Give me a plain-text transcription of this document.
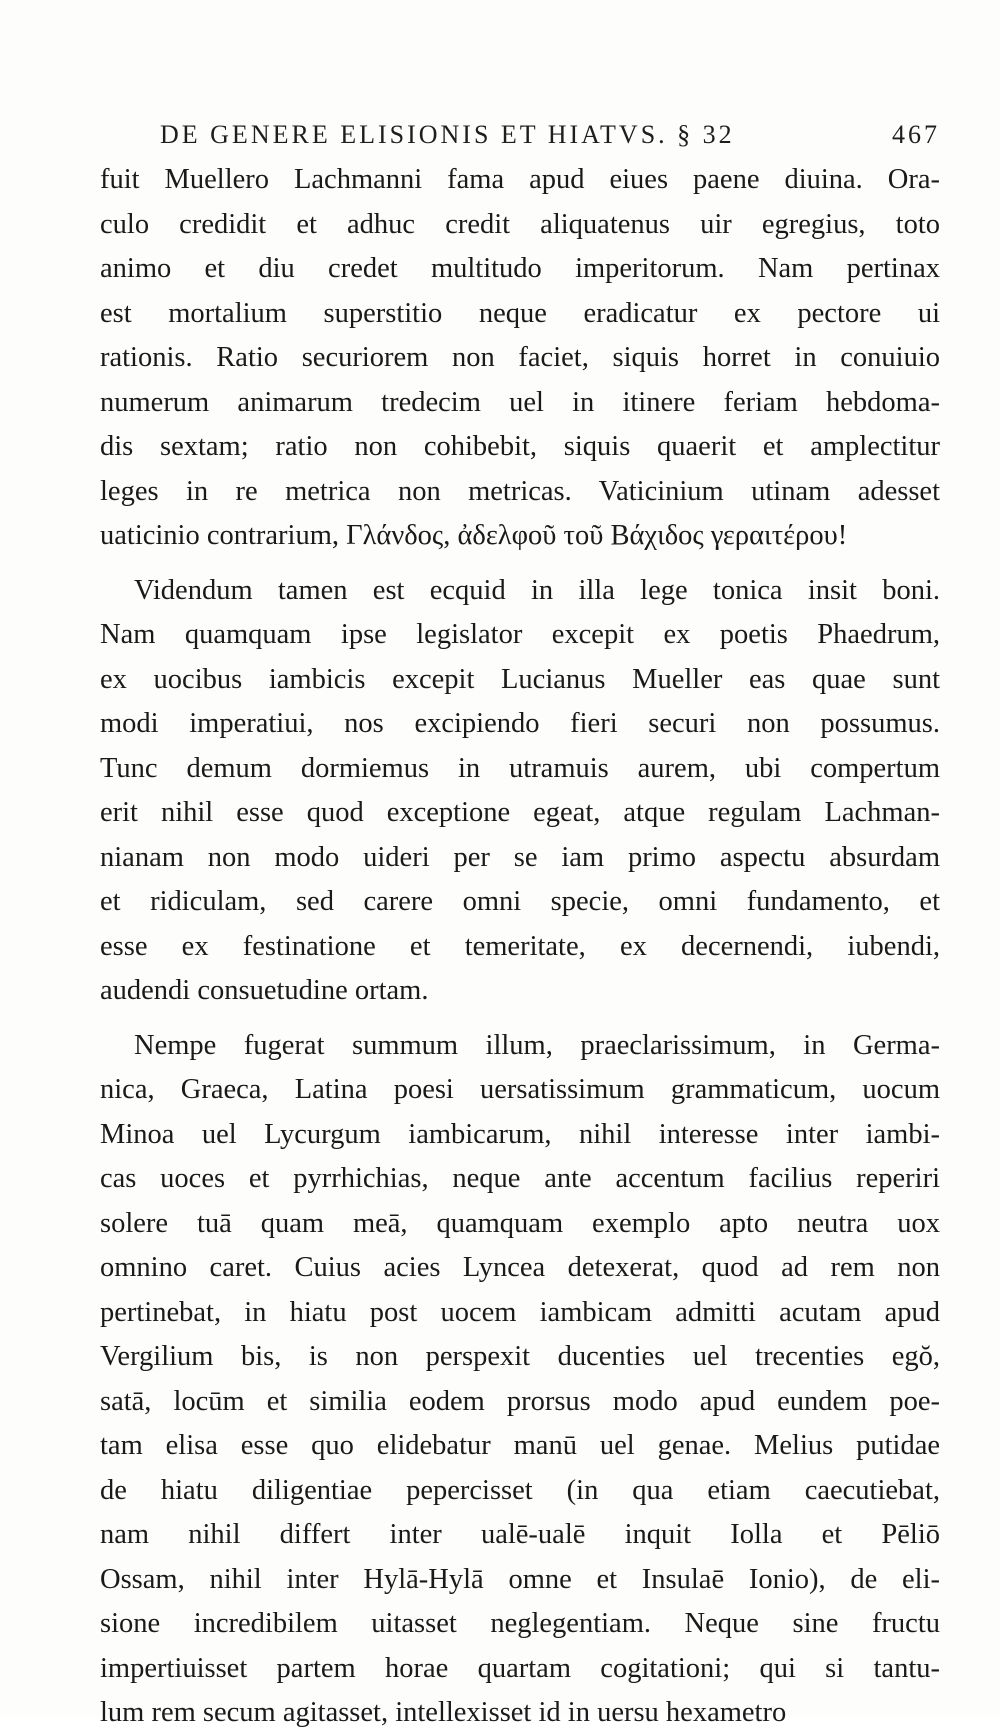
DE GENERE ELISIONIS ET HIATVS. § 32	467
fuit Muellero Lachmanni fama apud eiues paene diuina. Ora-
culo credidit et adhuc credit aliquatenus uir egregius, toto
animo et diu credet multitudo imperitorum. Nam pertinax
est mortalium superstitio neque eradicatur ex pectore ui
rationis. Ratio securiorem non faciet, siquis horret in conuiuio
numerum animarum tredecim uel in itinere feriam hebdoma-
dis sextam; ratio non cohibebit, siquis quaerit et amplectitur
leges in re metrica non metricas. Vaticinium utinam adesset
uaticinio contrarium, Γλάνδος, ἀδελφοῦ τοῦ Βάχιδος γεραιτέρου!
Videndum tamen est ecquid in illa lege tonica insit boni.
Nam quamquam ipse legislator excepit ex poetis Phaedrum,
ex uocibus iambicis excepit Lucianus Mueller eas quae sunt
modi imperatiui, nos excipiendo fieri securi non possumus.
Tunc demum dormiemus in utramuis aurem, ubi compertum
erit nihil esse quod exceptione egeat, atque regulam Lachman-
nianam non modo uideri per se iam primo aspectu absurdam
et ridiculam, sed carere omni specie, omni fundamento, et
esse ex festinatione et temeritate, ex decernendi, iubendi,
audendi consuetudine ortam.
Nempe fugerat summum illum, praeclarissimum, in Germa-
nica, Graeca, Latina poesi uersatissimum grammaticum, uocum
Minoa uel Lycurgum iambicarum, nihil interesse inter iambi-
cas uoces et pyrrhichias, neque ante accentum facilius reperiri
solere tuā quam meā, quamquam exemplo apto neutra uox
omnino caret. Cuius acies Lyncea detexerat, quod ad rem non
pertinebat, in hiatu post uocem iambicam admitti acutam apud
Vergilium bis, is non perspexit ducenties uel trecenties egŏ,
satā, locūm et similia eodem prorsus modo apud eundem poe-
tam elisa esse quo elidebatur manū uel genae. Melius putidae
de hiatu diligentiae pepercisset (in qua etiam caecutiebat,
nam nihil differt inter ualē-ualē inquit Iolla et Pēliō
Ossam, nihil inter Hylā-Hylā omne et Insulaē Ionio), de eli-
sione incredibilem uitasset neglegentiam. Neque sine fructu
impertiuisset partem horae quartam cogitationi; qui si tantu-
lum rem secum agitasset, intellexisset id in uersu hexametro
